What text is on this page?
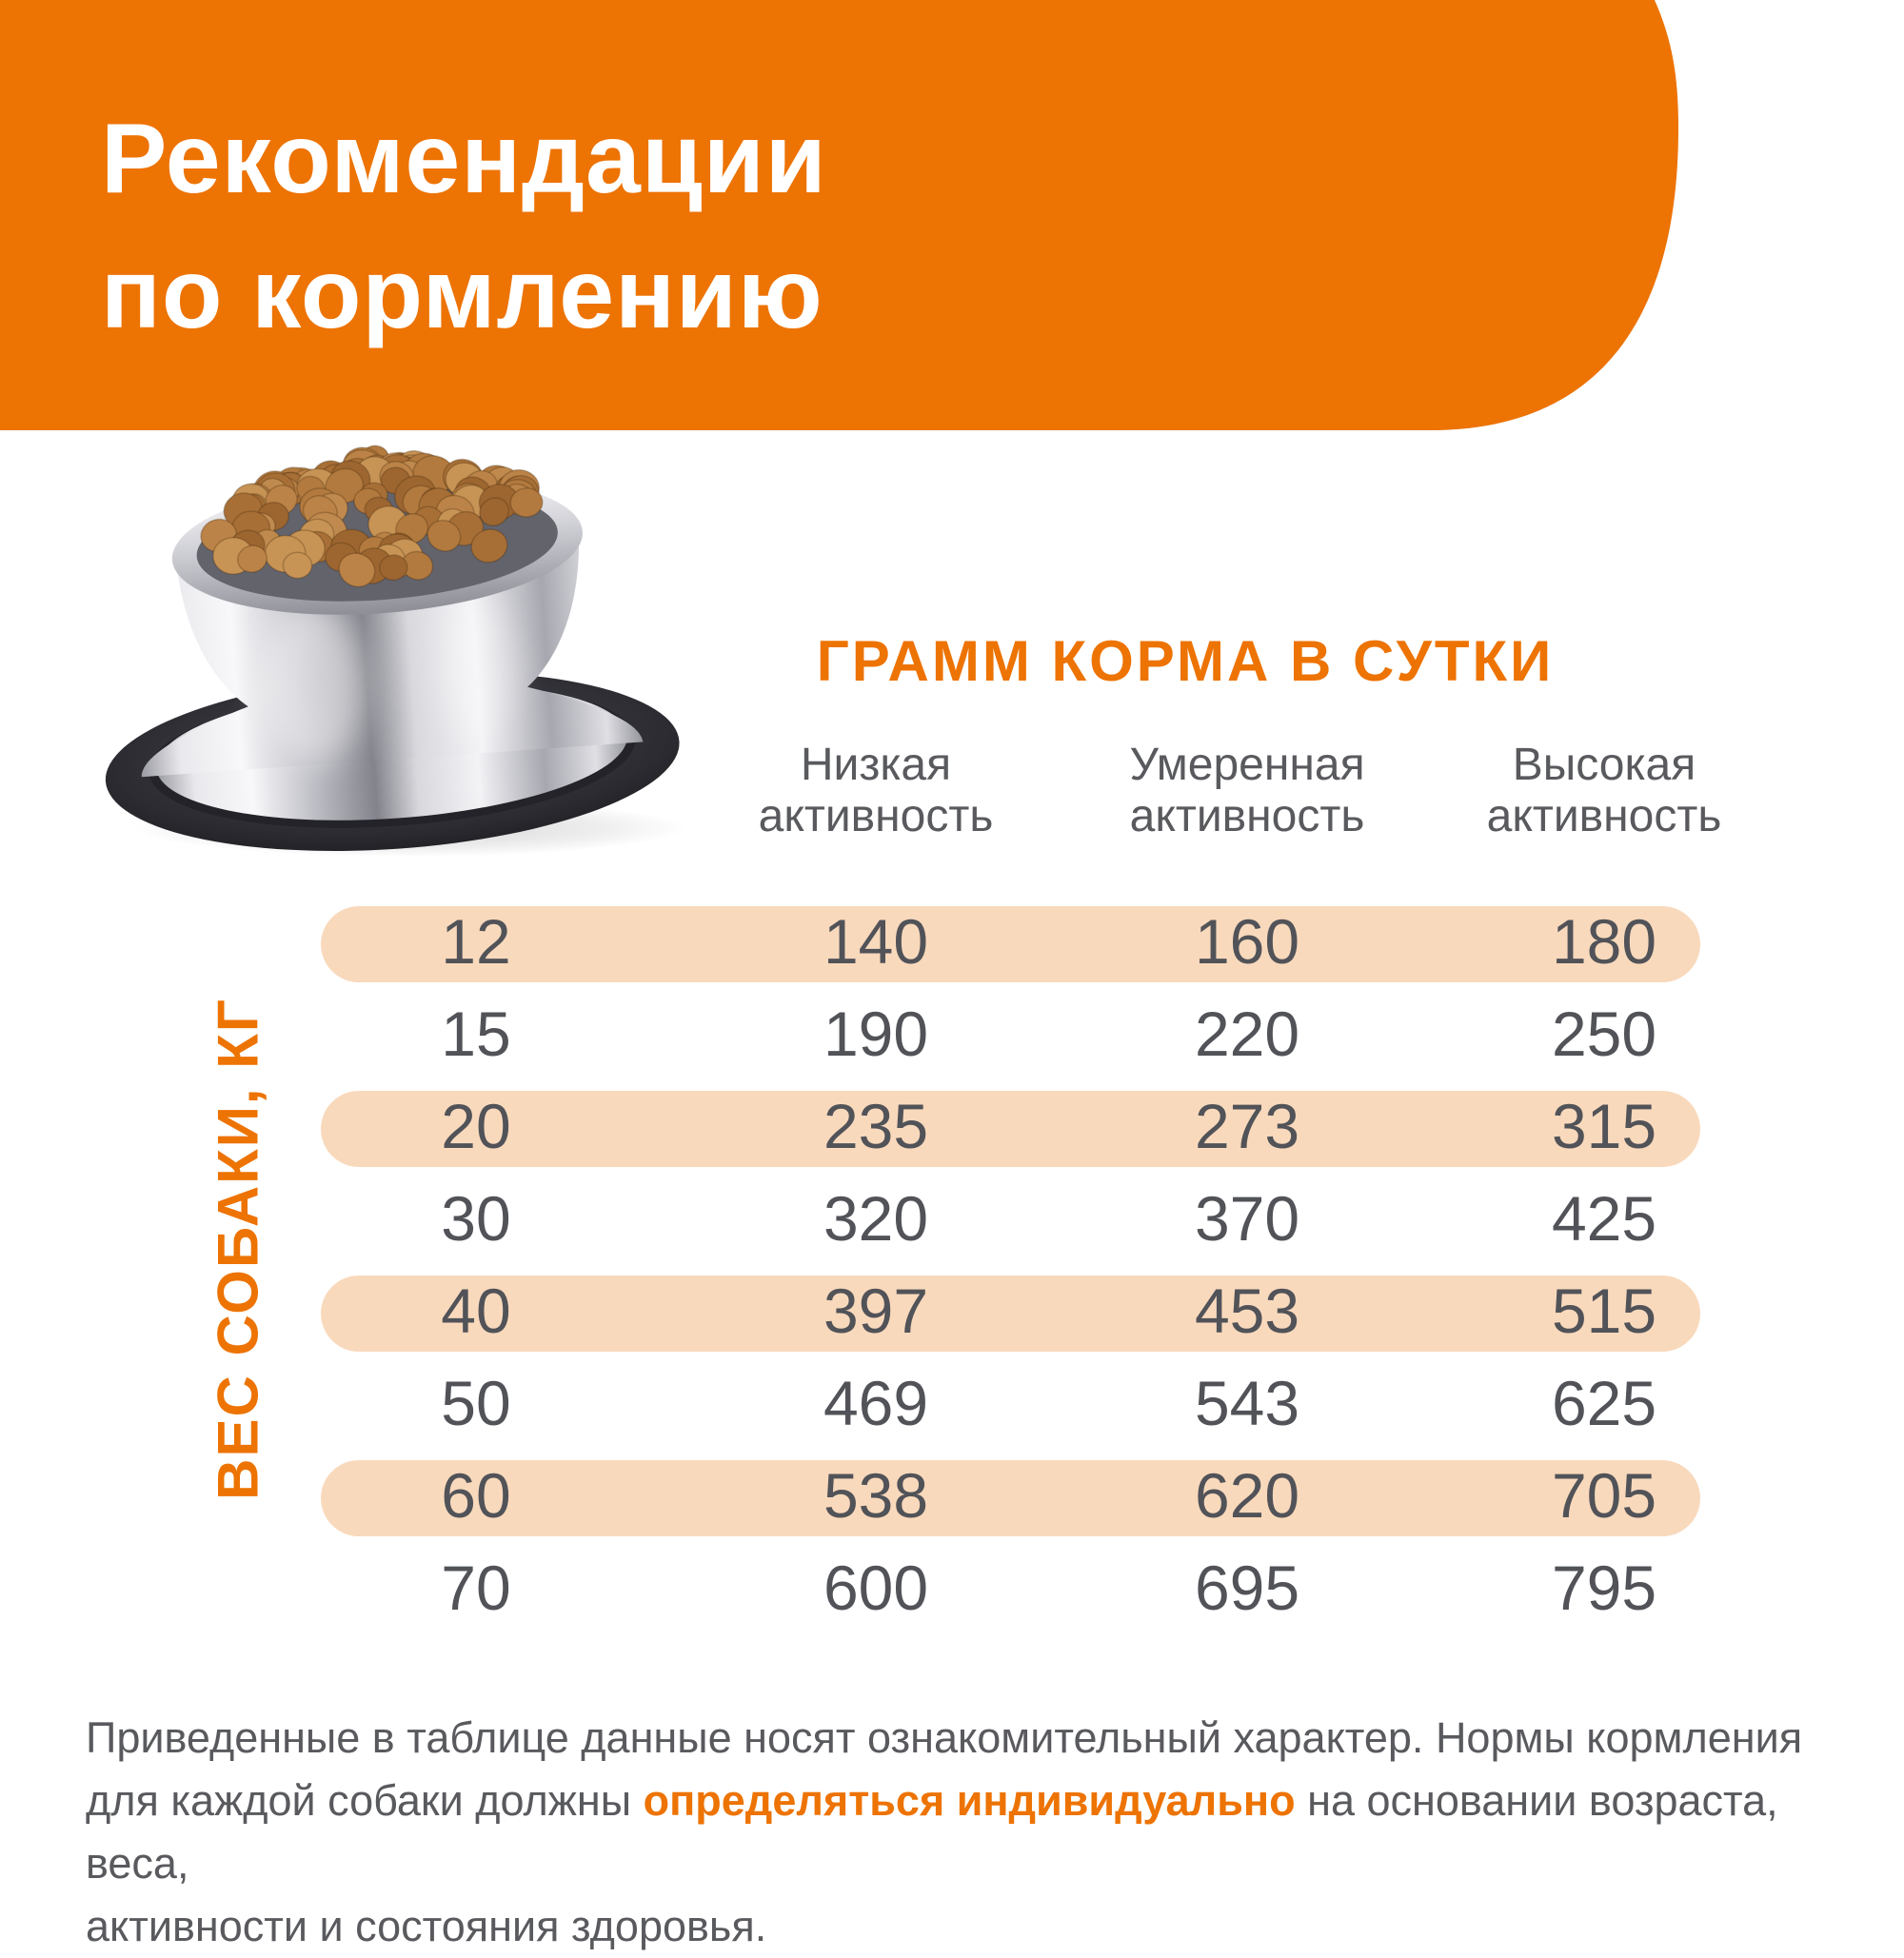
Рекомендации
по кормлению
ГРАММ КОРМА В СУТКИ
Низкая
активность
Умеренная
активность
Высокая
активность
ВЕС СОБАКИ, КГ
12	140	160	180
15	190	220	250
20	235	273	315
30	320	370	425
40	397	453	515
50	469	543	625
60	538	620	705
70	600	695	795

Приведенные в таблице данные носят ознакомительный характер. Нормы кормления
для каждой собаки должны определяться индивидуально на основании возраста, веса,
активности и состояния здоровья.
